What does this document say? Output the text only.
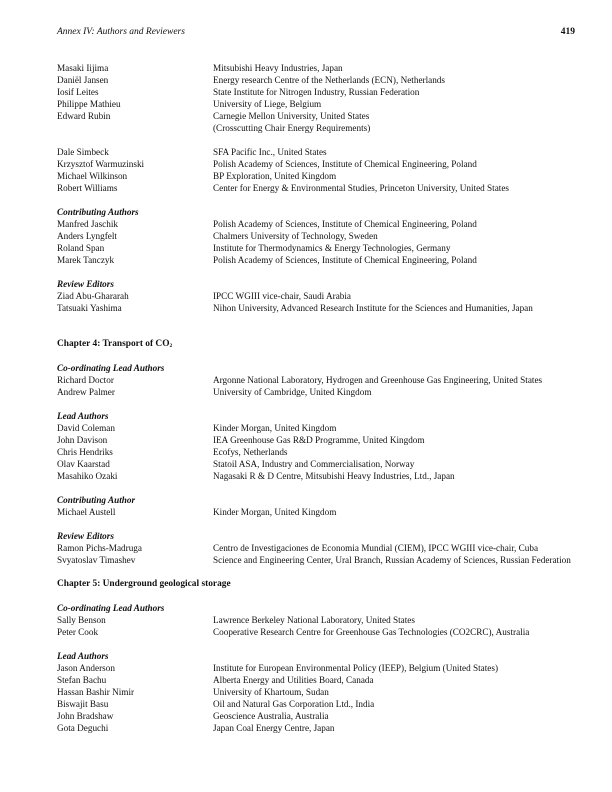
Annex IV: Authors and Reviewers	419
Masaki Iijima	Mitsubishi Heavy Industries, Japan
Daniël Jansen	Energy research Centre of the Netherlands (ECN), Netherlands
Iosif Leites	State Institute for Nitrogen Industry, Russian Federation
Philippe Mathieu	University of Liege, Belgium
Edward Rubin	Carnegie Mellon University, United States
(Crosscutting Chair Energy Requirements)
Dale Simbeck	SFA Pacific Inc., United States
Krzysztof Warmuzinski	Polish Academy of Sciences, Institute of Chemical Engineering, Poland
Michael Wilkinson	BP Exploration, United Kingdom
Robert Williams	Center for Energy & Environmental Studies, Princeton University, United States
Contributing Authors
Manfred Jaschik	Polish Academy of Sciences, Institute of Chemical Engineering, Poland
Anders Lyngfelt	Chalmers University of Technology, Sweden
Roland Span	Institute for Thermodynamics & Energy Technologies, Germany
Marek Tanczyk	Polish Academy of Sciences, Institute of Chemical Engineering, Poland
Review Editors
Ziad Abu-Ghararah	IPCC WGIII vice-chair, Saudi Arabia
Tatsuaki Yashima	Nihon University, Advanced Research Institute for the Sciences and Humanities, Japan
Chapter 4: Transport of $CO_2$
Co-ordinating Lead Authors
Richard Doctor	Argonne National Laboratory, Hydrogen and Greenhouse Gas Engineering, United States
Andrew Palmer	University of Cambridge, United Kingdom
Lead Authors
David Coleman	Kinder Morgan, United Kingdom
John Davison	IEA Greenhouse Gas R&D Programme, United Kingdom
Chris Hendriks	Ecofys, Netherlands
Olav Kaarstad	Statoil ASA, Industry and Commercialisation, Norway
Masahiko Ozaki	Nagasaki R & D Centre, Mitsubishi Heavy Industries, Ltd., Japan
Contributing Author
Michael Austell	Kinder Morgan, United Kingdom
Review Editors
Ramon Pichs-Madruga	Centro de Investigaciones de Economia Mundial (CIEM), IPCC WGIII vice-chair, Cuba
Svyatoslav Timashev	Science and Engineering Center, Ural Branch, Russian Academy of Sciences, Russian Federation
Chapter 5: Underground geological storage
Co-ordinating Lead Authors
Sally Benson	Lawrence Berkeley National Laboratory, United States
Peter Cook	Cooperative Research Centre for Greenhouse Gas Technologies (CO2CRC), Australia
Lead Authors
Jason Anderson	Institute for European Environmental Policy (IEEP), Belgium (United States)
Stefan Bachu	Alberta Energy and Utilities Board, Canada
Hassan Bashir Nimir	University of Khartoum, Sudan
Biswajit Basu	Oil and Natural Gas Corporation Ltd., India
John Bradshaw	Geoscience Australia, Australia
Gota Deguchi	Japan Coal Energy Centre, Japan
